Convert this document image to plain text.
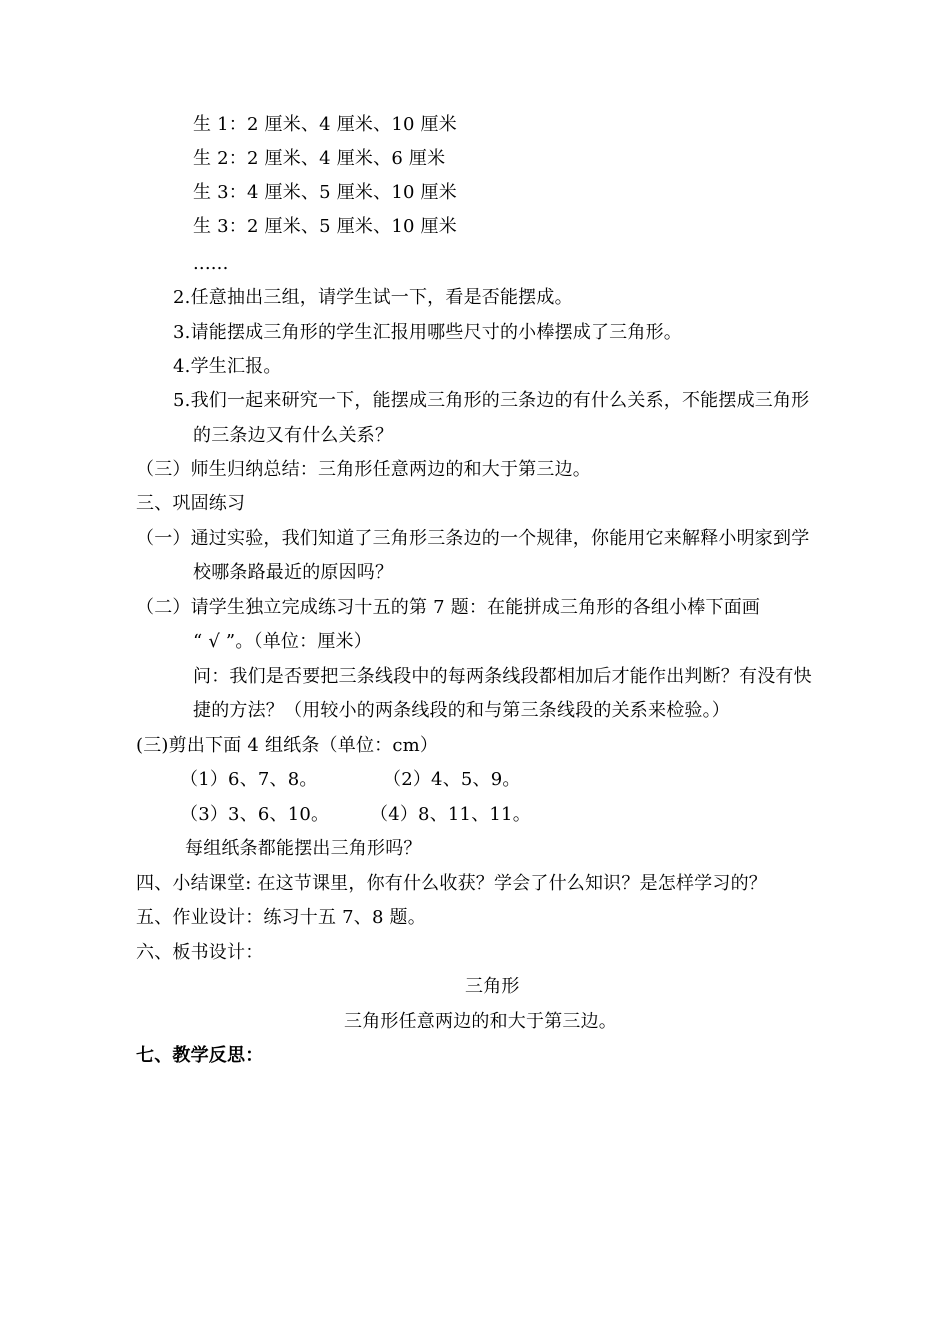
生 1：2 厘米、4 厘米、10 厘米
生 2：2 厘米、4 厘米、6 厘米
生 3：4 厘米、5 厘米、10 厘米
生 3：2 厘米、5 厘米、10 厘米
......
2.任意抽出三组，请学生试一下，看是否能摆成。
3.请能摆成三角形的学生汇报用哪些尺寸的小棒摆成了三角形。
4.学生汇报。
5.我们一起来研究一下，能摆成三角形的三条边的有什么关系，不能摆成三角形
的三条边又有什么关系？
（三）师生归纳总结：三角形任意两边的和大于第三边。
三、巩固练习
（一）通过实验，我们知道了三角形三条边的一个规律，你能用它来解释小明家到学
校哪条路最近的原因吗？
（二）请学生独立完成练习十五的第 7 题：在能拼成三角形的各组小棒下面画
“ √ ”。（单位：厘米）
问：我们是否要把三条线段中的每两条线段都相加后才能作出判断？有没有快
捷的方法？（用较小的两条线段的和与第三条线段的关系来检验。）
(三)剪出下面 4 组纸条（单位：cm）
（1）6、7、8。	（2）4、5、9。
（3）3、6、10。 （4）8、11、11。
每组纸条都能摆出三角形吗？
四、小结课堂: 在这节课里，你有什么收获？学会了什么知识？是怎样学习的？
五、作业设计：练习十五 7、8 题。
六、板书设计：
三角形
三角形任意两边的和大于第三边。
七、教学反思：
